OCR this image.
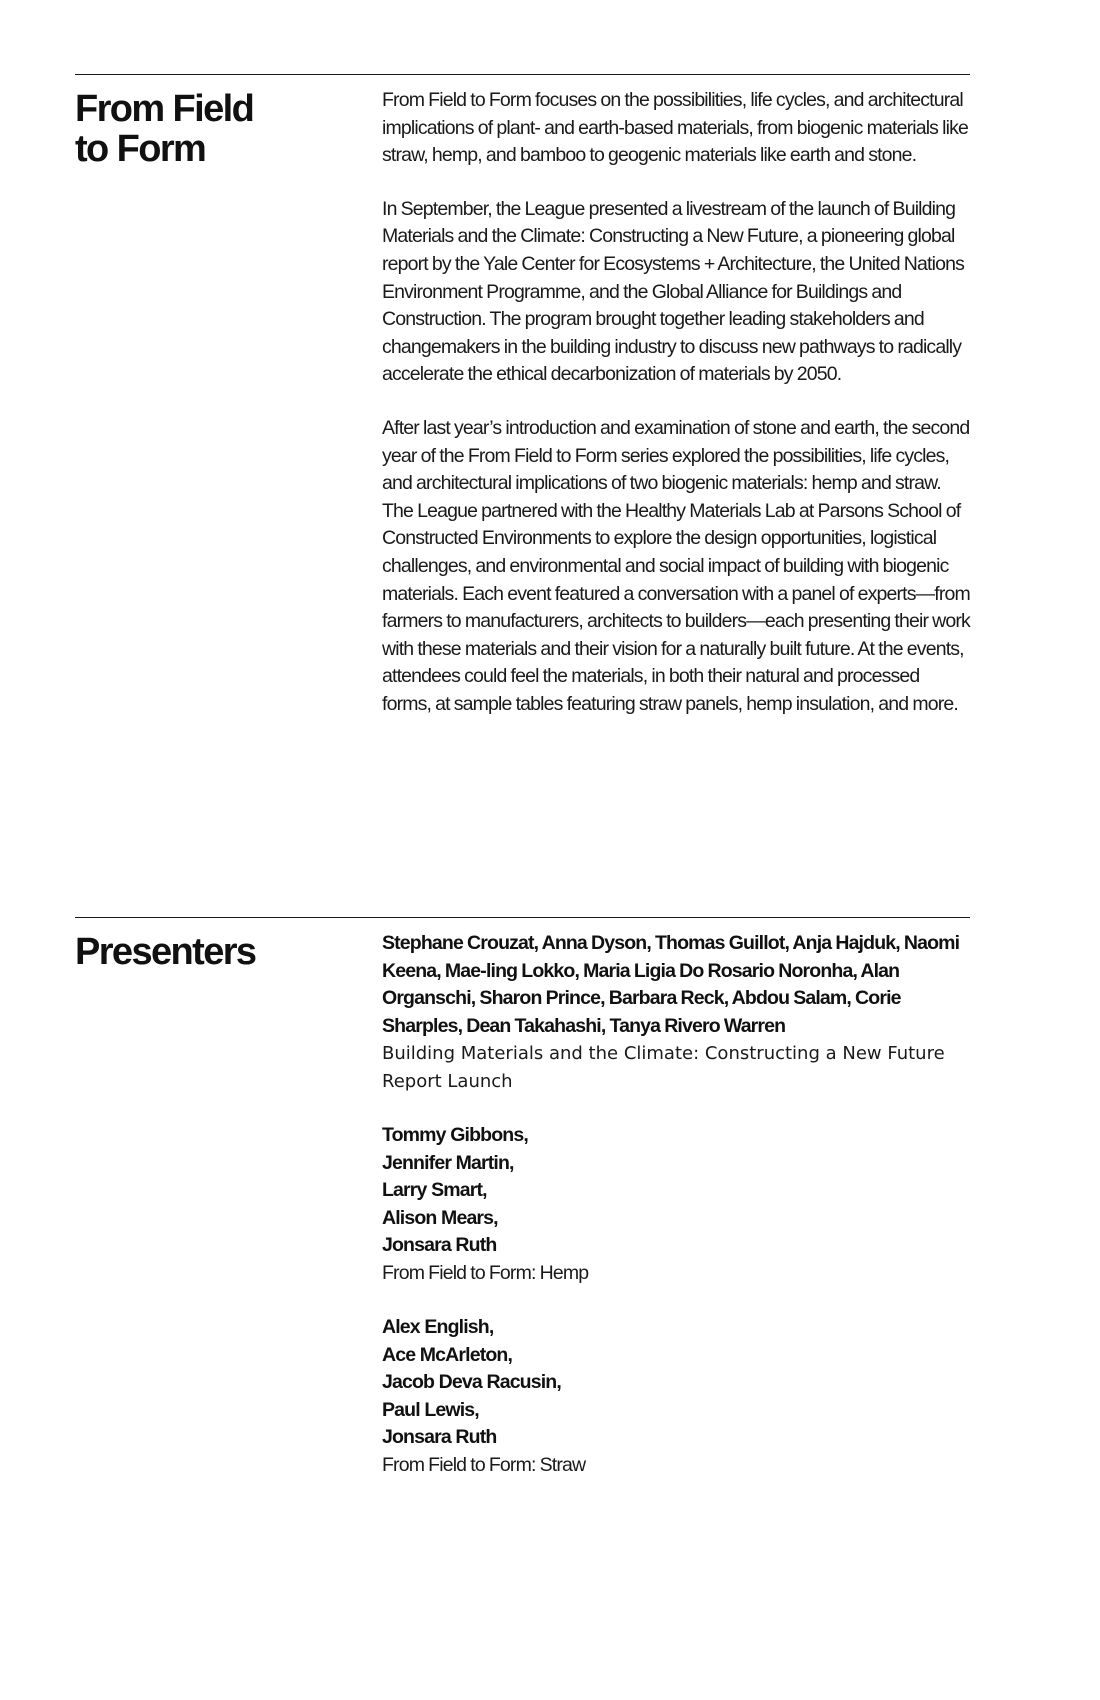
From Field
to Form

From Field to Form focuses on the possibilities, life cycles, and architectural implications of plant- and earth-based materials, from biogenic materials like straw, hemp, and bamboo to geogenic materials like earth and stone.

In September, the League presented a livestream of the launch of Building Materials and the Climate: Constructing a New Future, a pioneering global report by the Yale Center for Ecosystems + Architecture, the United Nations Environment Programme, and the Global Alliance for Buildings and Construction. The program brought together leading stakeholders and changemakers in the building industry to discuss new pathways to radically accelerate the ethical decarbonization of materials by 2050.

After last year’s introduction and examination of stone and earth, the second year of the From Field to Form series explored the possibilities, life cycles, and architectural implications of two biogenic materials: hemp and straw. The League partnered with the Healthy Materials Lab at Parsons School of Constructed Environments to explore the design opportunities, logistical challenges, and environmental and social impact of building with biogenic materials. Each event featured a conversation with a panel of experts—from farmers to manufacturers, architects to builders—each presenting their work with these materials and their vision for a naturally built future. At the events, attendees could feel the materials, in both their natural and processed forms, at sample tables featuring straw panels, hemp insulation, and more.

Presenters	Stephane Crouzat, Anna Dyson, Thomas Guillot, Anja Hajduk, Naomi Keena, Mae-ling Lokko, Maria Ligia Do Rosario Noronha, Alan Organschi, Sharon Prince, Barbara Reck, Abdou Salam, Corie Sharples, Dean Takahashi, Tanya Rivero Warren

Building Materials and the Climate: Constructing a New Future Report Launch

Tommy Gibbons,
Jennifer Martin,
Larry Smart,
Alison Mears,
Jonsara Ruth

From Field to Form: Hemp

Alex English,
Ace McArleton,
Jacob Deva Racusin,
Paul Lewis,
Jonsara Ruth

From Field to Form: Straw
